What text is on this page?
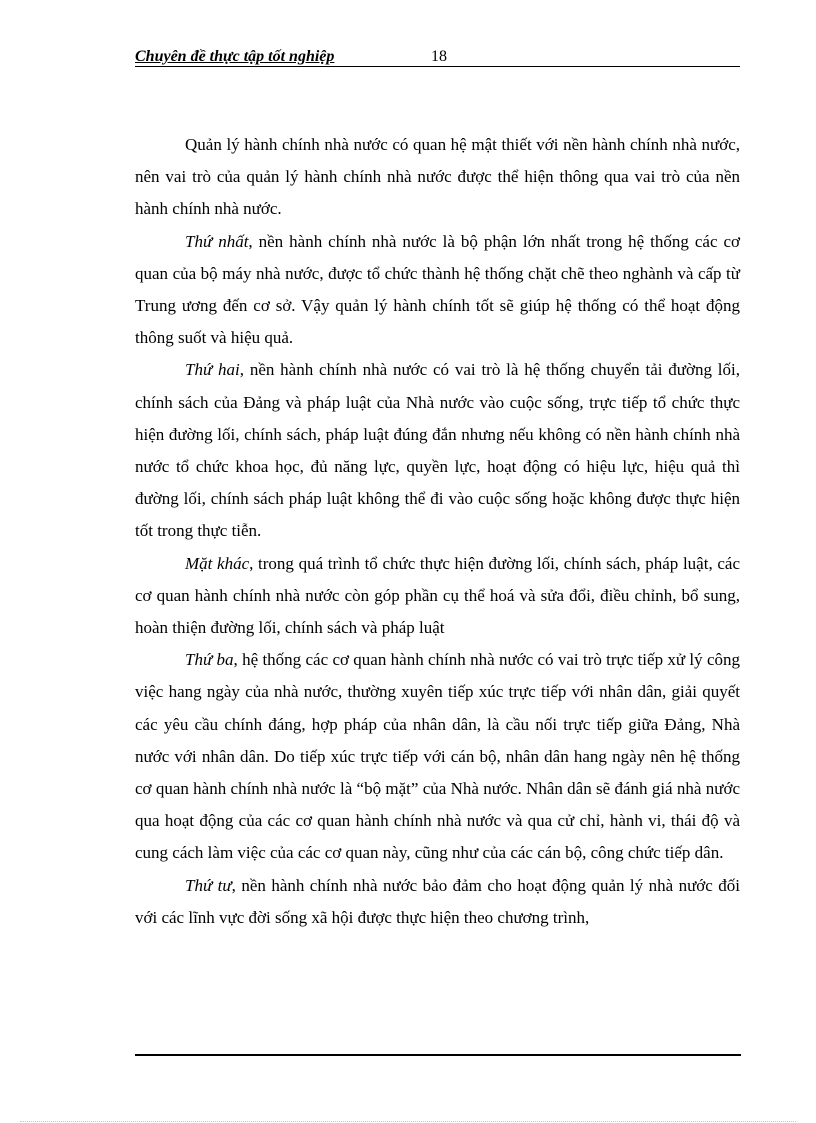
Chuyên đề thực tập tốt nghiệp	18

Quản lý hành chính nhà nước có quan hệ mật thiết với nền hành chính nhà nước, nên vai trò của quản lý hành chính nhà nước được thể hiện thông qua vai trò của nền hành chính nhà nước.

Thứ nhất, nền hành chính nhà nước là bộ phận lớn nhất trong hệ thống các cơ quan của bộ máy nhà nước, được tổ chức thành hệ thống chặt chẽ theo nghành và cấp từ Trung ương đến cơ sở. Vậy quản lý hành chính tốt sẽ giúp hệ thống có thể hoạt động thông suốt và hiệu quả.

Thứ hai, nền hành chính nhà nước có vai trò là hệ thống chuyển tải đường lối, chính sách của Đảng và pháp luật của Nhà nước vào cuộc sống, trực tiếp tổ chức thực hiện đường lối, chính sách, pháp luật đúng đắn nhưng nếu không có nền hành chính nhà nước tổ chức khoa học, đủ năng lực, quyền lực, hoạt động có hiệu lực, hiệu quả thì đường lối, chính sách pháp luật không thể đi vào cuộc sống hoặc không được thực hiện tốt trong thực tiễn.

Mặt khác, trong quá trình tổ chức thực hiện đường lối, chính sách, pháp luật, các cơ quan hành chính nhà nước còn góp phần cụ thể hoá và sửa đổi, điều chỉnh, bổ sung, hoàn thiện đường lối, chính sách và pháp luật

Thứ ba, hệ thống các cơ quan hành chính nhà nước có vai trò trực tiếp xử lý công việc hang ngày của nhà nước, thường xuyên tiếp xúc trực tiếp với nhân dân, giải quyết các yêu cầu chính đáng, hợp pháp của nhân dân, là cầu nối trực tiếp giữa Đảng, Nhà nước với nhân dân. Do tiếp xúc trực tiếp với cán bộ, nhân dân hang ngày nên hệ thống cơ quan hành chính nhà nước là “bộ mặt” của Nhà nước. Nhân dân sẽ đánh giá nhà nước qua hoạt động của các cơ quan hành chính nhà nước và qua cử chỉ, hành vi, thái độ và cung cách làm việc của các cơ quan này, cũng như của các cán bộ, công chức tiếp dân.

Thứ tư, nền hành chính nhà nước bảo đảm cho hoạt động quản lý nhà nước đối với các lĩnh vực đời sống xã hội được thực hiện theo chương trình,
